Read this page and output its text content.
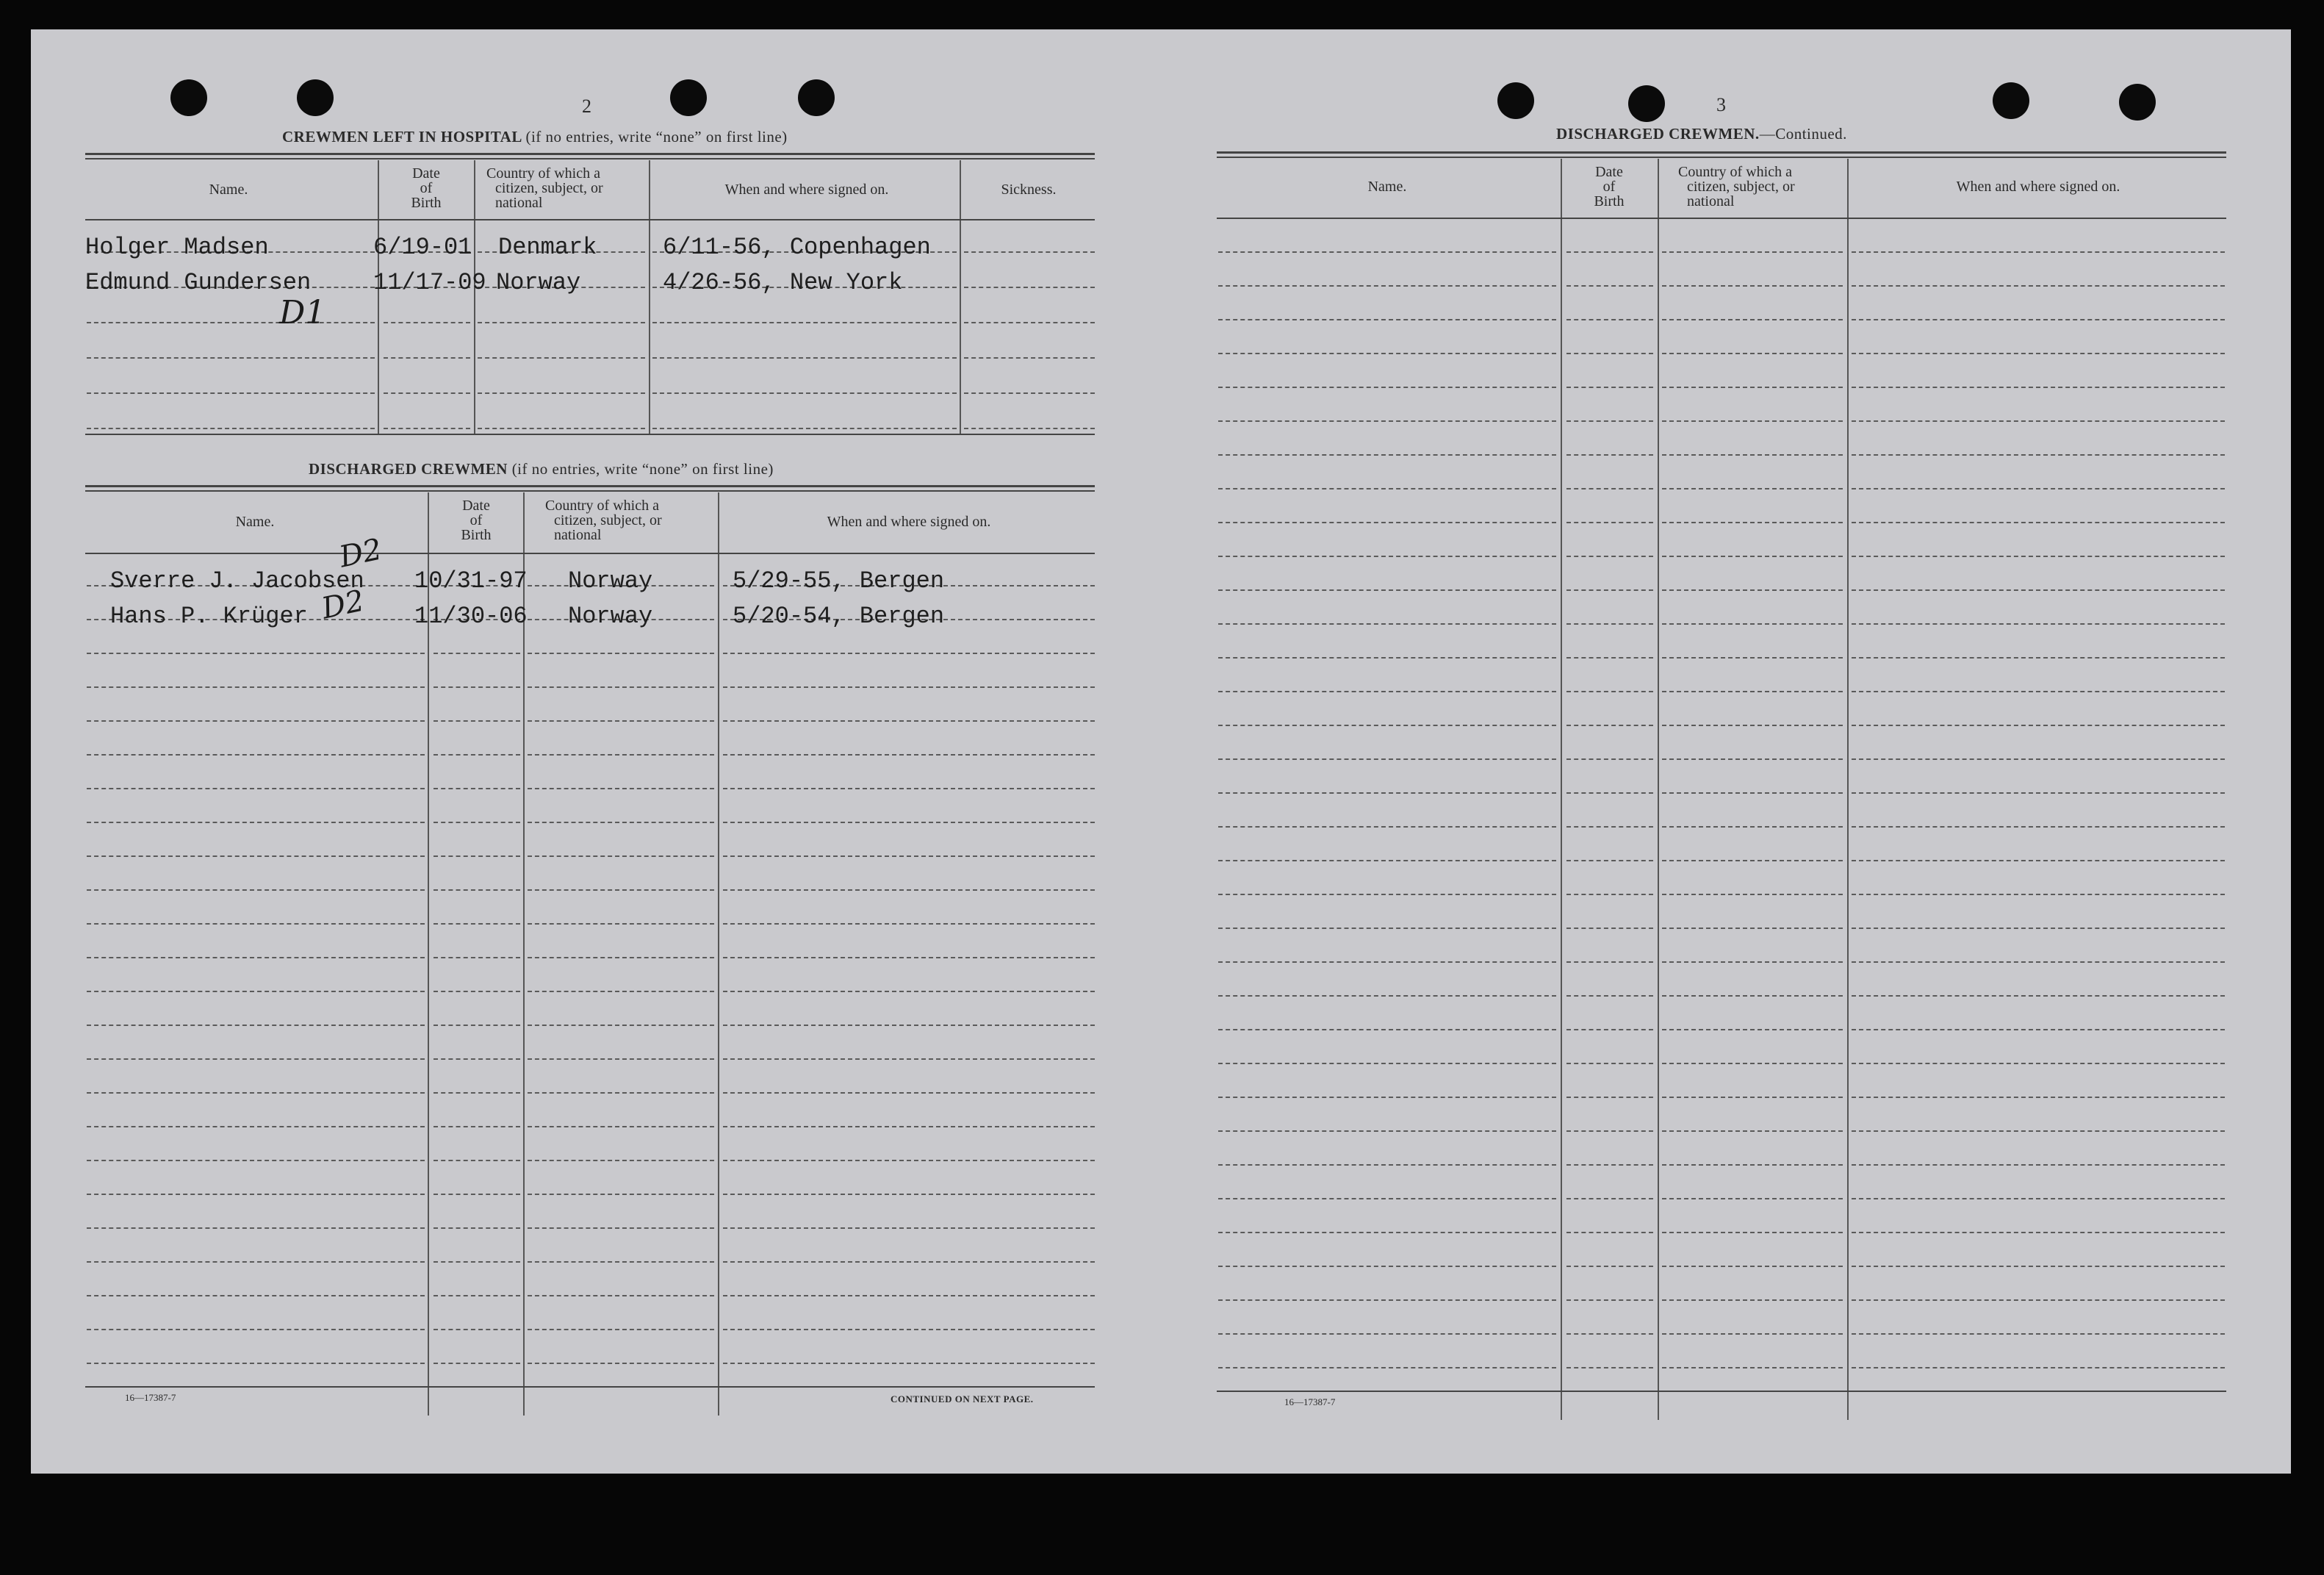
2
CREWMEN LEFT IN HOSPITAL (if no entries, write “none” on first line)
Name.
Date
of
Birth
Country of which a
citizen, subject, or
national
When and where signed on.	Sickness.
Holger Madsen	6/19-01 Denmark	6/11-56, Copenhagen
Edmund Gundersen	11/17-09 Norway	4/26-56, New York
D1
DISCHARGED CREWMEN (if no entries, write “none” on first line)
Name.
Date
of
Birth
Country of which a
citizen, subject, or
national
When and where signed on.
Sverre J. Jacobsen 10/31-97 Norway	5/29-55, Bergen
Hans P. Krüger	11/30-06 Norway	5/20-54, Bergen
D2
D2
16—17387-7	CONTINUED ON NEXT PAGE.
3
DISCHARGED CREWMEN.—Continued.
Name.
Date
of
Birth
Country of which a
citizen, subject, or
national
When and where signed on.
16—17387-7
